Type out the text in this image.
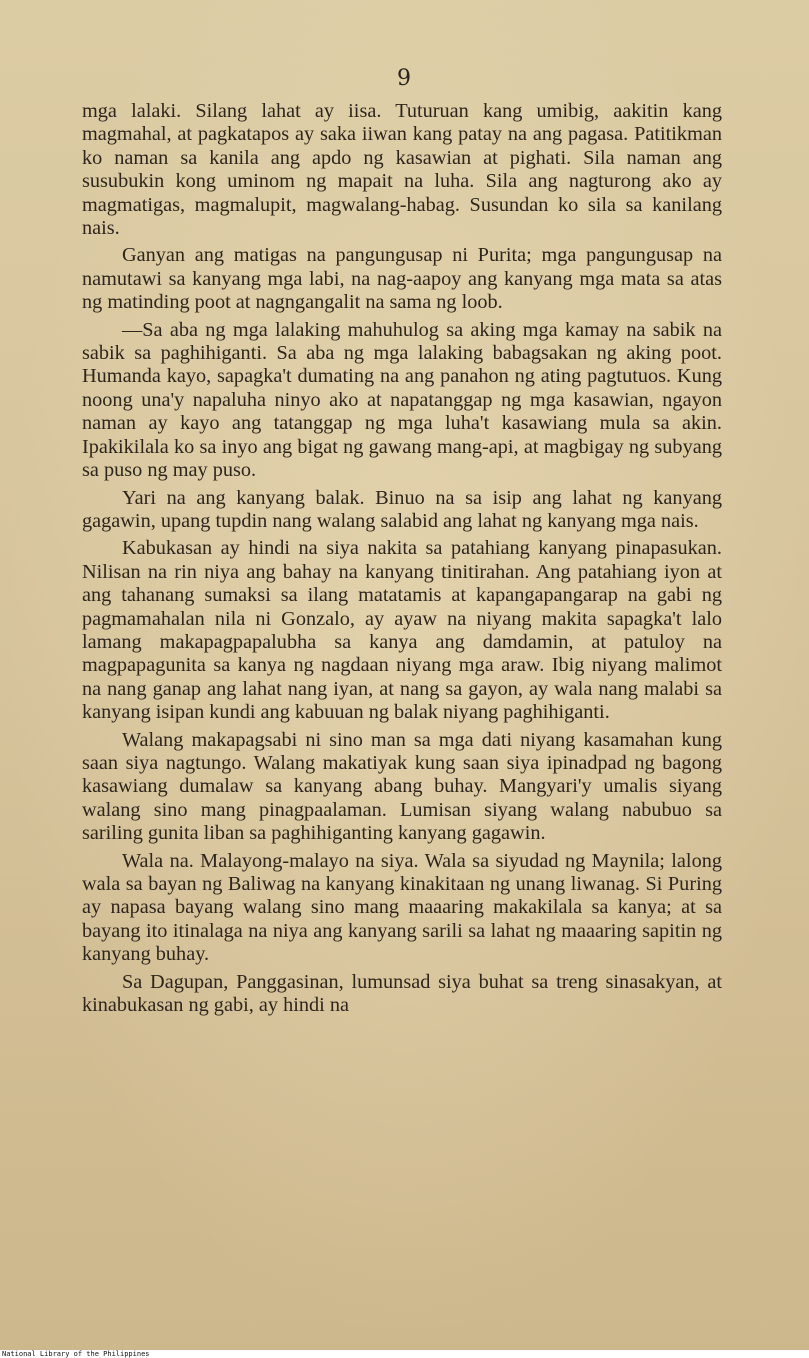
9

mga lalaki. Silang lahat ay iisa. Tuturuan kang umibig, aakitin kang magmahal, at pagkatapos ay saka iiwan kang patay na ang pagasa. Patitikman ko naman sa kanila ang apdo ng kasawian at pighati. Sila naman ang susubukin kong uminom ng mapait na luha. Sila ang nagturong ako ay magmatigas, magmalupit, magwalang-habag. Susundan ko sila sa kanilang nais.

Ganyan ang matigas na pangungusap ni Purita; mga pangungusap na namutawi sa kanyang mga labi, na nag-aapoy ang kanyang mga mata sa atas ng matinding poot at nagngangalit na sama ng loob.

—Sa aba ng mga lalaking mahuhulog sa aking mga kamay na sabik na sabik sa paghihiganti. Sa aba ng mga lalaking babagsakan ng aking poot. Humanda kayo, sapagka't dumating na ang panahon ng ating pagtutuos. Kung noong una'y napaluha ninyo ako at napatanggap ng mga kasawian, ngayon naman ay kayo ang tatanggap ng mga luha't kasawiang mula sa akin. Ipakikilala ko sa inyo ang bigat ng gawang mang-api, at magbigay ng subyang sa puso ng may puso.

Yari na ang kanyang balak. Binuo na sa isip ang lahat ng kanyang gagawin, upang tupdin nang walang salabid ang lahat ng kanyang mga nais.

Kabukasan ay hindi na siya nakita sa patahiang kanyang pinapasukan. Nilisan na rin niya ang bahay na kanyang tinitirahan. Ang patahiang iyon at ang tahanang sumaksi sa ilang matatamis at kapangapangarap na gabi ng pagmamahalan nila ni Gonzalo, ay ayaw na niyang makita sapagka't lalo lamang makapagpapalubha sa kanya ang damdamin, at patuloy na magpapagunita sa kanya ng nagdaan niyang mga araw. Ibig niyang malimot na nang ganap ang lahat nang iyan, at nang sa gayon, ay wala nang malabi sa kanyang isipan kundi ang kabuuan ng balak niyang paghihiganti.

Walang makapagsabi ni sino man sa mga dati niyang kasamahan kung saan siya nagtungo. Walang makatiyak kung saan siya ipinadpad ng bagong kasawiang dumalaw sa kanyang abang buhay. Mangyari'y umalis siyang walang sino mang pinagpaalaman. Lumisan siyang walang nabubuo sa sariling gunita liban sa paghihiganting kanyang gagawin.

Wala na. Malayong-malayo na siya. Wala sa siyudad ng Maynila; lalong wala sa bayan ng Baliwag na kanyang kinakitaan ng unang liwanag. Si Puring ay napasa bayang walang sino mang maaaring makakilala sa kanya; at sa bayang ito itinalaga na niya ang kanyang sarili sa lahat ng maaaring sapitin ng kanyang buhay.

Sa Dagupan, Panggasinan, lumunsad siya buhat sa treng sinasakyan, at kinabukasan ng gabi, ay hindi na

National Library of the Philippines
